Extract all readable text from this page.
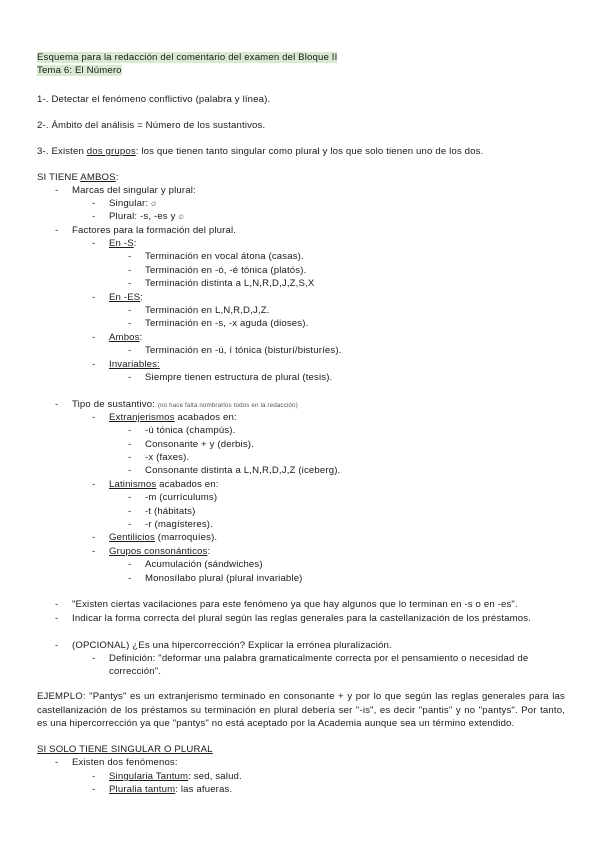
Esquema para la redacción del comentario del examen del Bloque II
Tema 6: El Número
1-. Detectar el fenómeno conflictivo (palabra y línea).
2-. Ámbito del análisis = Número de los sustantivos.
3-. Existen dos grupos: los que tienen tanto singular como plural y los que solo tienen uno de los dos.
SI TIENE AMBOS:
- Marcas del singular y plural:
- Singular: ∅
- Plural: -s, -es y ∅
- Factores para la formación del plural.
- En -S:
- Terminación en vocal átona (casas).
- Terminación en -ó, -é tónica (platós).
- Terminación distinta a L,N,R,D,J,Z,S,X
- En -ES:
- Terminación en L,N,R,D,J,Z.
- Terminación en -s, -x aguda (dioses).
- Ambos:
- Terminación en -ú, í tónica (bisturí/bisturíes).
- Invariables:
- Siempre tienen estructura de plural (tesis).
- Tipo de sustantivo: (no hace falta nombrarlos todos en la redacción)
- Extranjerismos acabados en:
- -ú tónica (champús).
- Consonante + y (derbis).
- -x (faxes).
- Consonante distinta a L,N,R,D,J,Z (iceberg).
- Latinismos acabados en:
- -m (currículums)
- -t (hábitats)
- -r (magísteres).
- Gentilicios (marroquíes).
- Grupos consonánticos:
- Acumulación (sándwiches)
- Monosílabo plural (plural invariable)
- "Existen ciertas vacilaciones para este fenómeno ya que hay algunos que lo terminan en -s o en -es".
- Indicar la forma correcta del plural según las reglas generales para la castellanización de los préstamos.
- (OPCIONAL) ¿Es una hipercorrección? Explicar la errónea pluralización.
- Definición: "deformar una palabra gramaticalmente correcta por el pensamiento o necesidad de
corrección".
EJEMPLO: "Pantys" es un extranjerismo terminado en consonante + y por lo que según las reglas generales para las castellanización de los préstamos su terminación en plural debería ser "-is", es decir "pantis" y no "pantys". Por tanto, es una hipercorrección ya que "pantys" no está aceptado por la Academia aunque sea un término extendido.
SI SOLO TIENE SINGULAR O PLURAL
- Existen dos fenómenos:
- Singularia Tantum: sed, salud.
- Pluralia tantum: las afueras.
